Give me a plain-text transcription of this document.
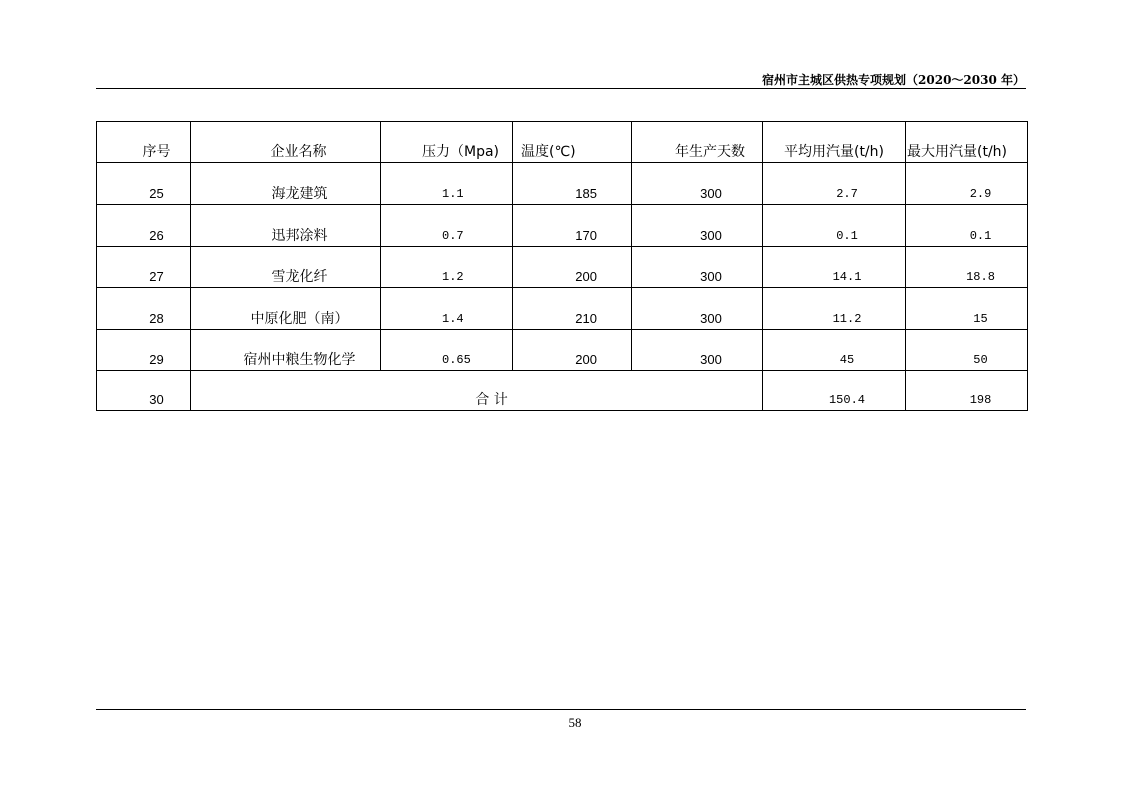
宿州市主城区供热专项规划（2020～2030 年）
序号	企业名称	压力（Mpa)	温度(℃)	年生产天数	平均用汽量(t/h)	最大用汽量(t/h)
25	海龙建筑	1.1	185	300	2.7	2.9
26	迅邦涂料	0.7	170	300	0.1	0.1
27	雪龙化纤	1.2	200	300	14.1	18.8
28	中原化肥（南）	1.4	210	300	11.2	15
29	宿州中粮生物化学	0.65	200	300	45	50
30	合 计				150.4	198
58
